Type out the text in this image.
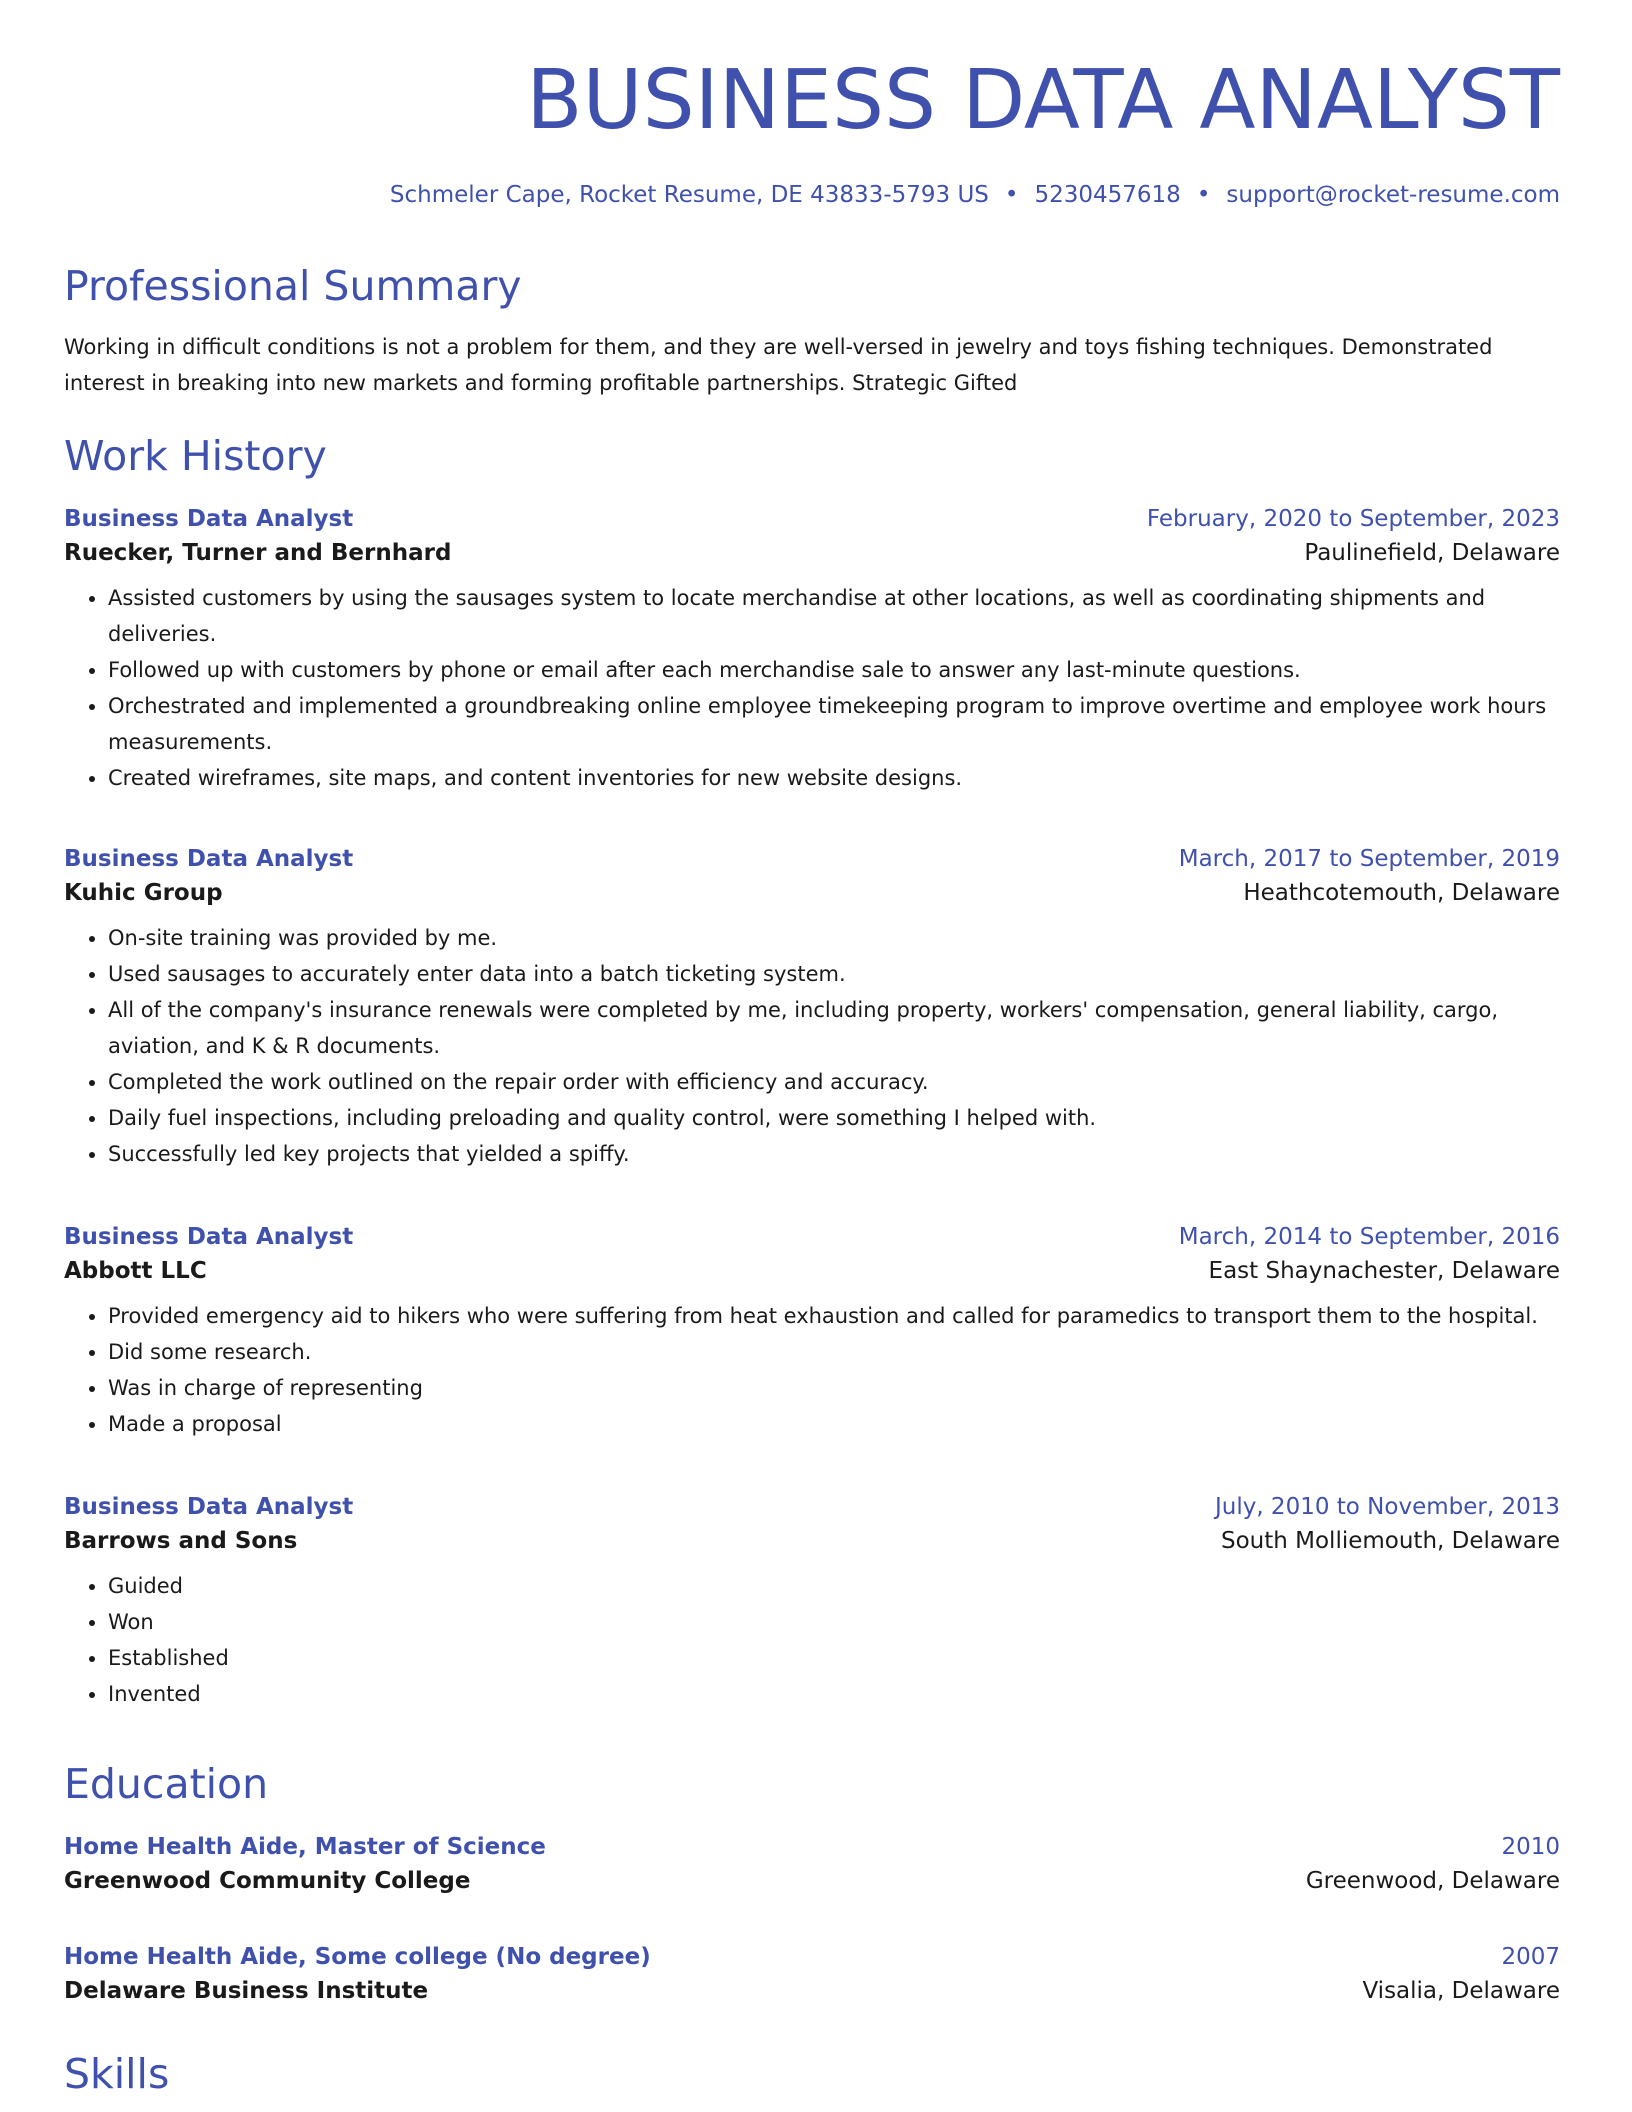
BUSINESS DATA ANALYST
Schmeler Cape, Rocket Resume, DE 43833-5793 US • 5230457618 • support@rocket-resume.com
Professional Summary
Working in difficult conditions is not a problem for them, and they are well-versed in jewelry and toys fishing techniques. Demonstrated interest in breaking into new markets and forming profitable partnerships. Strategic Gifted
Work History
Business Data Analyst	February, 2020 to September, 2023
Ruecker, Turner and Bernhard	Paulinefield, Delaware
• Assisted customers by using the sausages system to locate merchandise at other locations, as well as coordinating shipments and deliveries.
• Followed up with customers by phone or email after each merchandise sale to answer any last-minute questions.
• Orchestrated and implemented a groundbreaking online employee timekeeping program to improve overtime and employee work hours measurements.
• Created wireframes, site maps, and content inventories for new website designs.
Business Data Analyst	March, 2017 to September, 2019
Kuhic Group	Heathcotemouth, Delaware
• On-site training was provided by me.
• Used sausages to accurately enter data into a batch ticketing system.
• All of the company's insurance renewals were completed by me, including property, workers' compensation, general liability, cargo, aviation, and K & R documents.
• Completed the work outlined on the repair order with efficiency and accuracy.
• Daily fuel inspections, including preloading and quality control, were something I helped with.
• Successfully led key projects that yielded a spiffy.
Business Data Analyst	March, 2014 to September, 2016
Abbott LLC	East Shaynachester, Delaware
• Provided emergency aid to hikers who were suffering from heat exhaustion and called for paramedics to transport them to the hospital.
• Did some research.
• Was in charge of representing
• Made a proposal
Business Data Analyst	July, 2010 to November, 2013
Barrows and Sons	South Molliemouth, Delaware
• Guided
• Won
• Established
• Invented
Education
Home Health Aide, Master of Science	2010
Greenwood Community College	Greenwood, Delaware
Home Health Aide, Some college (No degree)	2007
Delaware Business Institute	Visalia, Delaware
Skills
